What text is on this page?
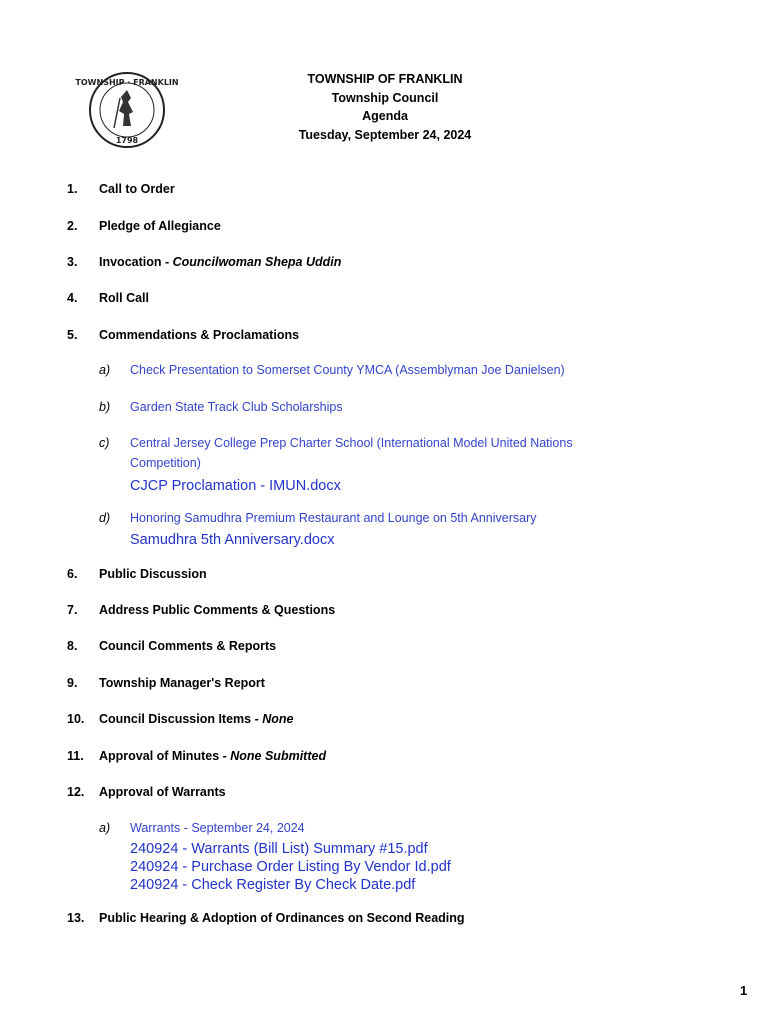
TOWNSHIP · FRANKLIN
1798
TOWNSHIP OF FRANKLIN
Township Council
Agenda
Tuesday, September 24, 2024
1. Call to Order
2. Pledge of Allegiance
3. Invocation - Councilwoman Shepa Uddin
4. Roll Call
5. Commendations & Proclamations
a) Check Presentation to Somerset County YMCA (Assemblyman Joe Danielsen)
b) Garden State Track Club Scholarships
c) Central Jersey College Prep Charter School (International Model United Nations Competition)
CJCP Proclamation - IMUN.docx
d) Honoring Samudhra Premium Restaurant and Lounge on 5th Anniversary
Samudhra 5th Anniversary.docx
6. Public Discussion
7. Address Public Comments & Questions
8. Council Comments & Reports
9. Township Manager's Report
10. Council Discussion Items - None
11. Approval of Minutes - None Submitted
12. Approval of Warrants
a) Warrants - September 24, 2024
240924 - Warrants (Bill List) Summary #15.pdf
240924 - Purchase Order Listing By Vendor Id.pdf
240924 - Check Register By Check Date.pdf
13. Public Hearing & Adoption of Ordinances on Second Reading
1
